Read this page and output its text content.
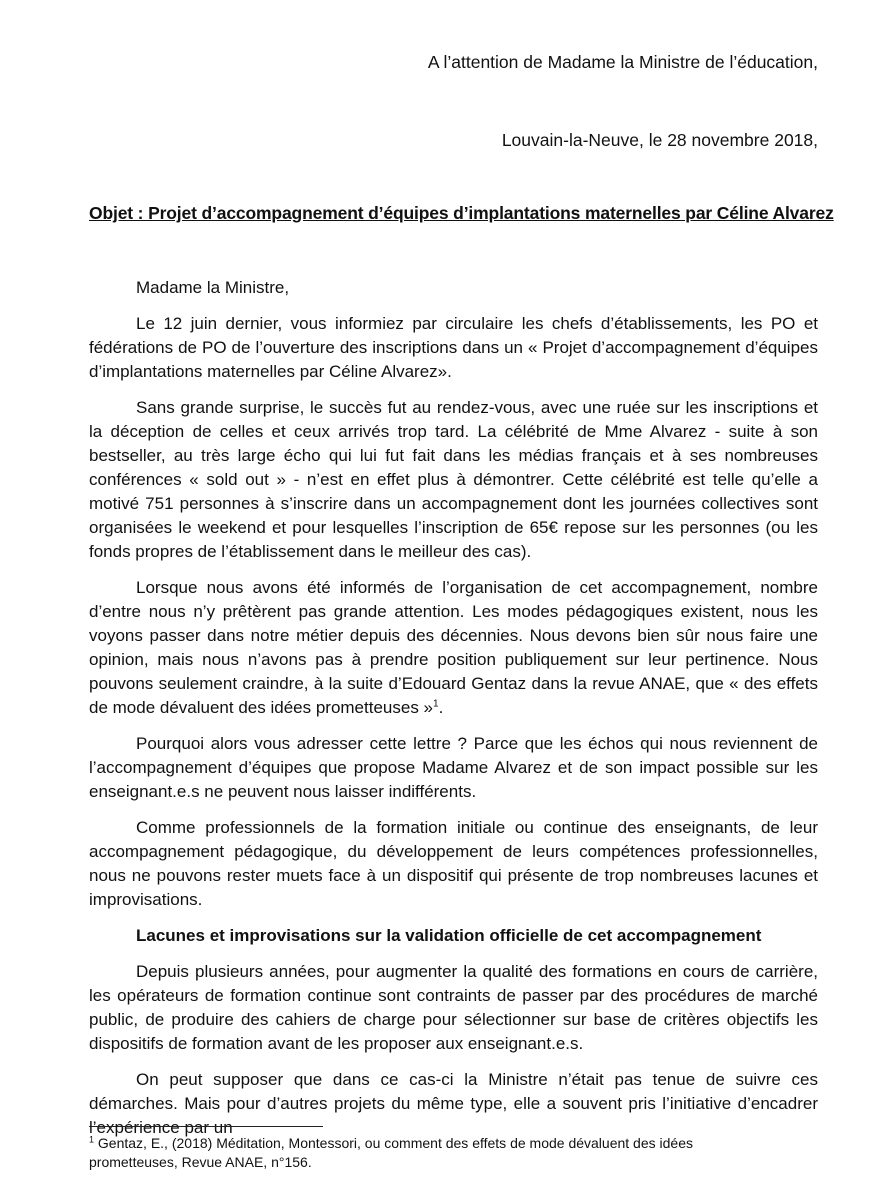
A l’attention de Madame la Ministre de l’éducation,
Louvain-la-Neuve, le 28 novembre 2018,
Objet : Projet d’accompagnement d’équipes d’implantations maternelles par Céline Alvarez

Madame la Ministre,

Le 12 juin dernier, vous informiez par circulaire les chefs d’établissements, les PO et fédérations de PO de l’ouverture des inscriptions dans un « Projet d’accompagnement d’équipes d’implantations maternelles par Céline Alvarez».

Sans grande surprise, le succès fut au rendez-vous, avec une ruée sur les inscriptions et la déception de celles et ceux arrivés trop tard. La célébrité de Mme Alvarez - suite à son bestseller, au très large écho qui lui fut fait dans les médias français et à ses nombreuses conférences « sold out » - n’est en effet plus à démontrer. Cette célébrité est telle qu’elle a motivé 751 personnes à s’inscrire dans un accompagnement dont les journées collectives sont organisées le weekend et pour lesquelles l’inscription de 65€ repose sur les personnes (ou les fonds propres de l’établissement dans le meilleur des cas).

Lorsque nous avons été informés de l’organisation de cet accompagnement, nombre d’entre nous n’y prêtèrent pas grande attention. Les modes pédagogiques existent, nous les voyons passer dans notre métier depuis des décennies. Nous devons bien sûr nous faire une opinion, mais nous n’avons pas à prendre position publiquement sur leur pertinence. Nous pouvons seulement craindre, à la suite d’Edouard Gentaz dans la revue ANAE, que « des effets de mode dévaluent des idées prometteuses »$^1$.

Pourquoi alors vous adresser cette lettre ? Parce que les échos qui nous reviennent de l’accompagnement d’équipes que propose Madame Alvarez et de son impact possible sur les enseignant.e.s ne peuvent nous laisser indifférents.

Comme professionnels de la formation initiale ou continue des enseignants, de leur accompagnement pédagogique, du développement de leurs compétences professionnelles, nous ne pouvons rester muets face à un dispositif qui présente de trop nombreuses lacunes et improvisations.

Lacunes et improvisations sur la validation officielle de cet accompagnement

Depuis plusieurs années, pour augmenter la qualité des formations en cours de carrière, les opérateurs de formation continue sont contraints de passer par des procédures de marché public, de produire des cahiers de charge pour sélectionner sur base de critères objectifs les dispositifs de formation avant de les proposer aux enseignant.e.s.

On peut supposer que dans ce cas-ci la Ministre n’était pas tenue de suivre ces démarches. Mais pour d’autres projets du même type, elle a souvent pris l’initiative d’encadrer l’expérience par un

$^1$ Gentaz, E., (2018) Méditation, Montessori, ou comment des effets de mode dévaluent des idées prometteuses, Revue ANAE, n°156.
